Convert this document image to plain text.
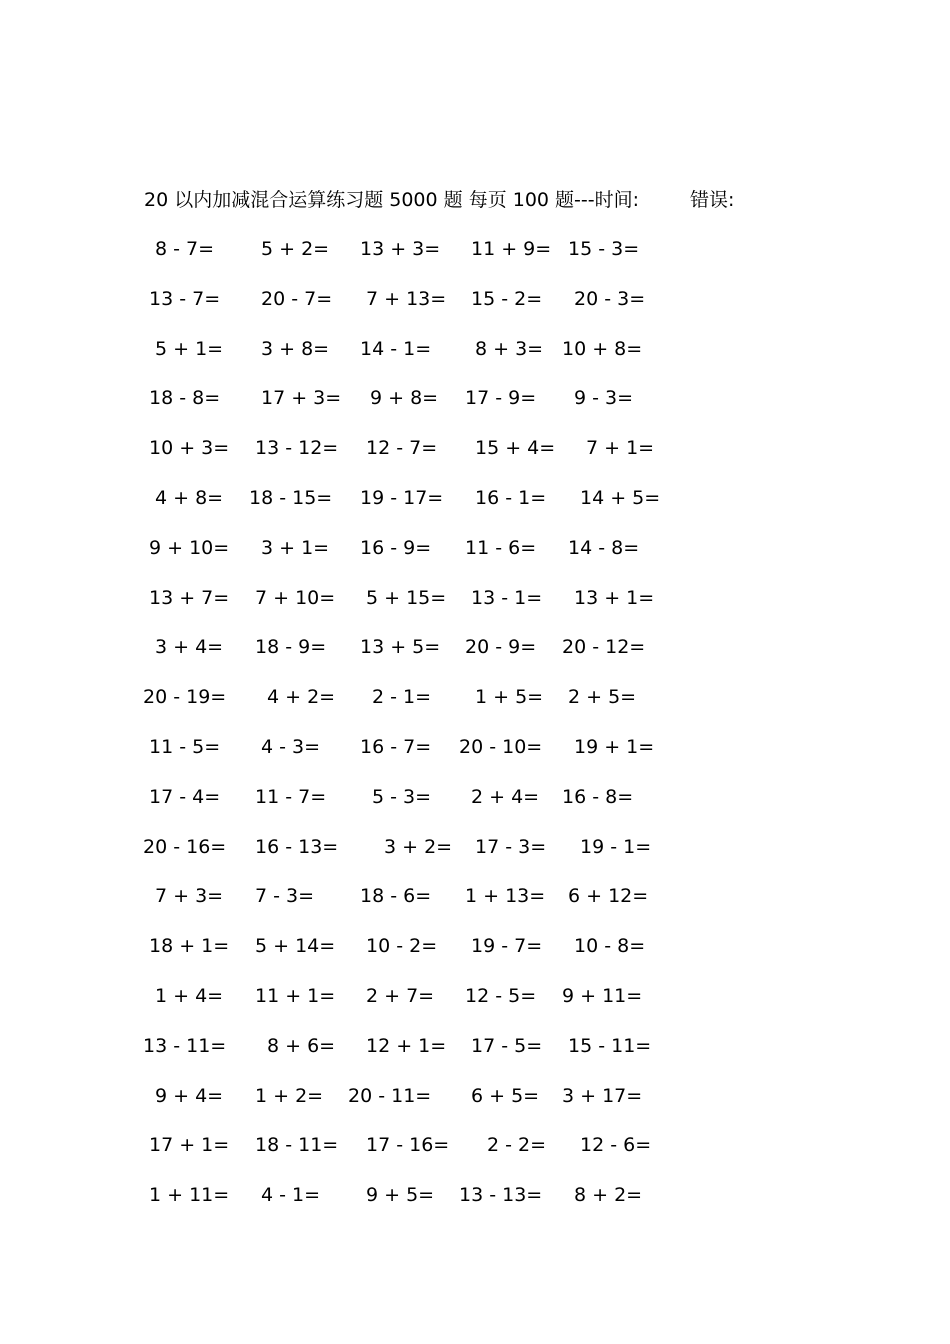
20 以内加减混合运算练习题 5000 题 每页 100 题---时间:	错误:
8 - 7= 5 + 2= 13 + 3= 11 + 9= 15 - 3=
13 - 7= 20 - 7= 7 + 13= 15 - 2= 20 - 3=
5 + 1= 3 + 8= 14 - 1= 8 + 3= 10 + 8=
18 - 8= 17 + 3= 9 + 8= 17 - 9= 9 - 3=
10 + 3= 13 - 12= 12 - 7= 15 + 4= 7 + 1=
4 + 8= 18 - 15= 19 - 17= 16 - 1= 14 + 5=
9 + 10= 3 + 1= 16 - 9= 11 - 6= 14 - 8=
13 + 7= 7 + 10= 5 + 15= 13 - 1= 13 + 1=
3 + 4= 18 - 9= 13 + 5= 20 - 9= 20 - 12=
20 - 19= 4 + 2= 2 - 1= 1 + 5= 2 + 5=
11 - 5= 4 - 3= 16 - 7= 20 - 10= 19 + 1=
17 - 4= 11 - 7= 5 - 3= 2 + 4= 16 - 8=
20 - 16= 16 - 13= 3 + 2= 17 - 3= 19 - 1=
7 + 3= 7 - 3= 18 - 6= 1 + 13= 6 + 12=
18 + 1= 5 + 14= 10 - 2= 19 - 7= 10 - 8=
1 + 4= 11 + 1= 2 + 7= 12 - 5= 9 + 11=
13 - 11= 8 + 6= 12 + 1= 17 - 5= 15 - 11=
9 + 4= 1 + 2= 20 - 11= 6 + 5= 3 + 17=
17 + 1= 18 - 11= 17 - 16= 2 - 2= 12 - 6=
1 + 11= 4 - 1= 9 + 5= 13 - 13= 8 + 2=
